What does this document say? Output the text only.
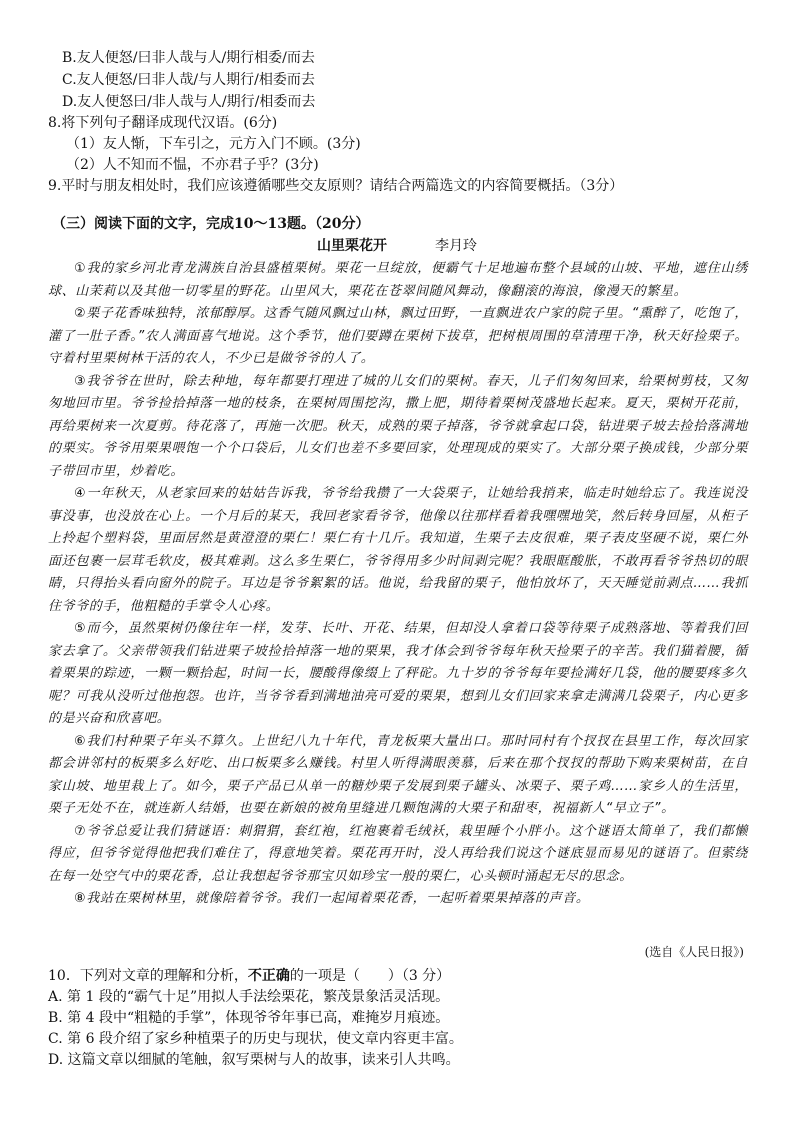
B.友人便怒/曰非人哉与人/期行相委/而去
C.友人便怒/曰非人哉/与人期行/相委而去
D.友人便怒曰/非人哉与人/期行/相委而去
8.将下列句子翻译成现代汉语。(6分)
（1）友人惭，下车引之，元方入门不顾。(3分)
（2）人不知而不愠，不亦君子乎？(3分)
9.平时与朋友相处时，我们应该遵循哪些交友原则？请结合两篇选文的内容简要概括。（3分）
（三）阅读下面的文字，完成10～13题。（20分）
山里栗花开	李月玲

①我的家乡河北青龙满族自治县盛植栗树。栗花一旦绽放，便霸气十足地遍布整个县域的山坡、平地，遮住山绣球、山茉莉以及其他一切零星的野花。山里风大，栗花在苍翠间随风舞动，像翻滚的海浪，像漫天的繁星。

②栗子花香味独特，浓郁醇厚。这香气随风飘过山林，飘过田野，一直飘进农户家的院子里。“熏醉了，吃饱了，灌了一肚子香。”农人满面喜气地说。这个季节，他们要蹲在栗树下拔草，把树根周围的草清理干净，秋天好捡栗子。守着村里栗树林干活的农人，不少已是做爷爷的人了。

③我爷爷在世时，除去种地，每年都要打理进了城的儿女们的栗树。春天，儿子们匆匆回来，给栗树剪枝，又匆匆地回市里。爷爷捡拾掉落一地的枝条，在栗树周围挖沟，撒上肥，期待着栗树茂盛地长起来。夏天，栗树开花前，再给栗树来一次夏剪。待花落了，再施一次肥。秋天，成熟的栗子掉落，爷爷就拿起口袋，钻进栗子坡去捡拾落满地的栗实。爷爷用栗果喂饱一个个口袋后，儿女们也差不多要回家，处理现成的栗实了。大部分栗子换成钱，少部分栗子带回市里，炒着吃。

④一年秋天，从老家回来的姑姑告诉我，爷爷给我攒了一大袋栗子，让她给我捎来，临走时她给忘了。我连说没事没事，也没放在心上。一个月后的某天，我回老家看爷爷，他像以往那样看着我嘿嘿地笑，然后转身回屋，从柜子上拎起个塑料袋，里面居然是黄澄澄的栗仁！栗仁有十几斤。我知道，生栗子去皮很难，栗子表皮坚硬不说，栗仁外面还包裹一层茸毛软皮，极其难剥。这么多生栗仁，爷爷得用多少时间剥完呢？我眼眶酸胀，不敢再看爷爷热切的眼睛，只得抬头看向窗外的院子。耳边是爷爷絮絮的话。他说，给我留的栗子，他怕放坏了，天天睡觉前剥点……我抓住爷爷的手，他粗糙的手掌令人心疼。

⑤而今，虽然栗树仍像往年一样，发芽、长叶、开花、结果，但却没人拿着口袋等待栗子成熟落地、等着我们回家去拿了。父亲带领我们钻进栗子坡捡拾掉落一地的栗果，我才体会到爷爷每年秋天捡栗子的辛苦。我们猫着腰，循着栗果的踪迹，一颗一颗拾起，时间一长，腰酸得像缀上了秤砣。九十岁的爷爷每年要捡满好几袋，他的腰要疼多久呢？可我从没听过他抱怨。也许，当爷爷看到满地油亮可爱的栗果，想到儿女们回家来拿走满满几袋栗子，内心更多的是兴奋和欣喜吧。

⑥我们村种栗子年头不算久。上世纪八九十年代，青龙板栗大量出口。那时同村有个扠扠在县里工作，每次回家都会讲邻村的板栗多么好吃、出口板栗多么赚钱。村里人听得满眼羡慕，后来在那个扠扠的帮助下购来栗树苗，在自家山坡、地里栽上了。如今，栗子产品已从单一的糖炒栗子发展到栗子罐头、冰栗子、栗子鸡……家乡人的生活里，栗子无处不在，就连新人结婚，也要在新娘的被角里缝进几颗饱满的大栗子和甜枣，祝福新人“早立子”。

⑦爷爷总爱让我们猜谜语：刺猬猬，套红袍，红袍裹着毛绒袄，栽里睡个小胖小。这个谜语太简单了，我们都懒得应，但爷爷觉得他把我们难住了，得意地笑着。栗花再开时，没人再给我们说这个谜底显而易见的谜语了。但萦绕在每一处空气中的栗花香，总让我想起爷爷那宝贝如珍宝一般的栗仁，心头顿时涌起无尽的思念。

⑧我站在栗树林里，就像陪着爷爷。我们一起闻着栗花香，一起听着栗果掉落的声音。

(选自《人民日报》)
10．下列对文章的理解和分析，不正确的一项是（　　）（3 分）
A. 第 1 段的“霸气十足”用拟人手法绘栗花，繁茂景象活灵活现。
B. 第 4 段中“粗糙的手掌”，体现爷爷年事已高，难掩岁月痕迹。
C. 第 6 段介绍了家乡种植栗子的历史与现状，使文章内容更丰富。
D. 这篇文章以细腻的笔触，叙写栗树与人的故事，读来引人共鸣。
